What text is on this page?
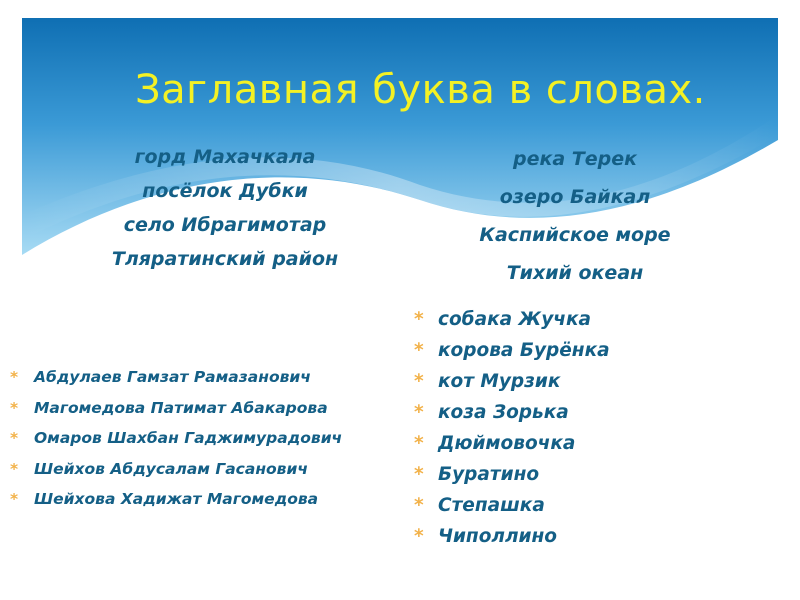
Заглавная буква в словах.
горд Махачкала
посёлок Дубки
село Ибрагимотар
Тляратинский район
река Терек
озеро Байкал
Каспийское море
Тихий океан
* Абдулаев Гамзат Рамазанович
* Магомедова Патимат Абакарова
* Омаров Шахбан Гаджимурадович
* Шейхов Абдусалам Гасанович
* Шейхова Хадижат Магомедова
* собака Жучка
* корова Бурёнка
* кот Мурзик
* коза Зорька
* Дюймовочка
* Буратино
* Степашка
* Чиполлино
